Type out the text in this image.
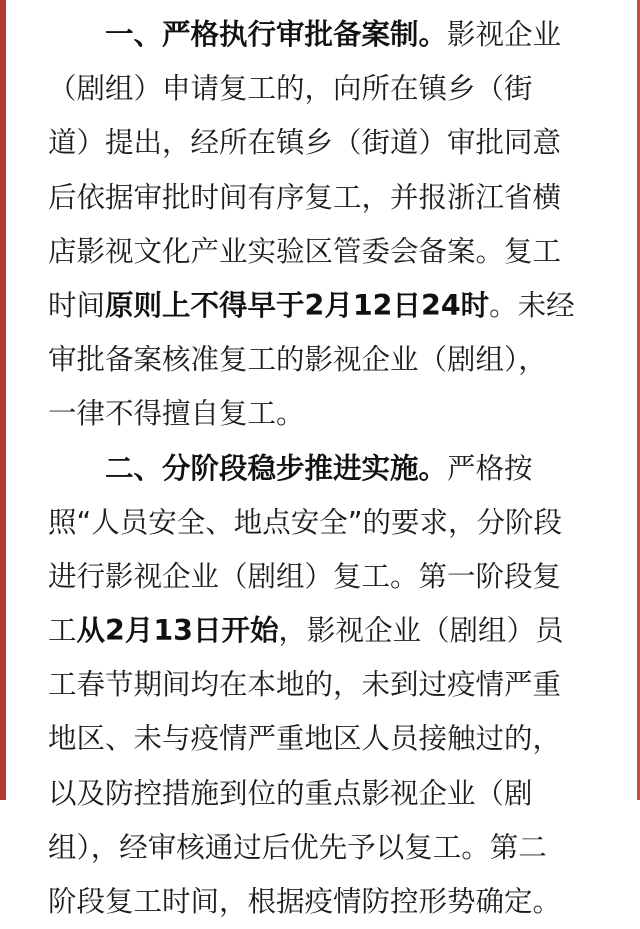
一、严格执行审批备案制。影视企业
（剧组）申请复工的，向所在镇乡（街
道）提出，经所在镇乡（街道）审批同意
后依据审批时间有序复工，并报浙江省横
店影视文化产业实验区管委会备案。复工
时间原则上不得早于2月12日24时。未经
审批备案核准复工的影视企业（剧组），
一律不得擅自复工。
二、分阶段稳步推进实施。严格按
照“人员安全、地点安全”的要求，分阶段
进行影视企业（剧组）复工。第一阶段复
工从2月13日开始，影视企业（剧组）员
工春节期间均在本地的，未到过疫情严重
地区、未与疫情严重地区人员接触过的，
以及防控措施到位的重点影视企业（剧
组），经审核通过后优先予以复工。第二
阶段复工时间，根据疫情防控形势确定。
